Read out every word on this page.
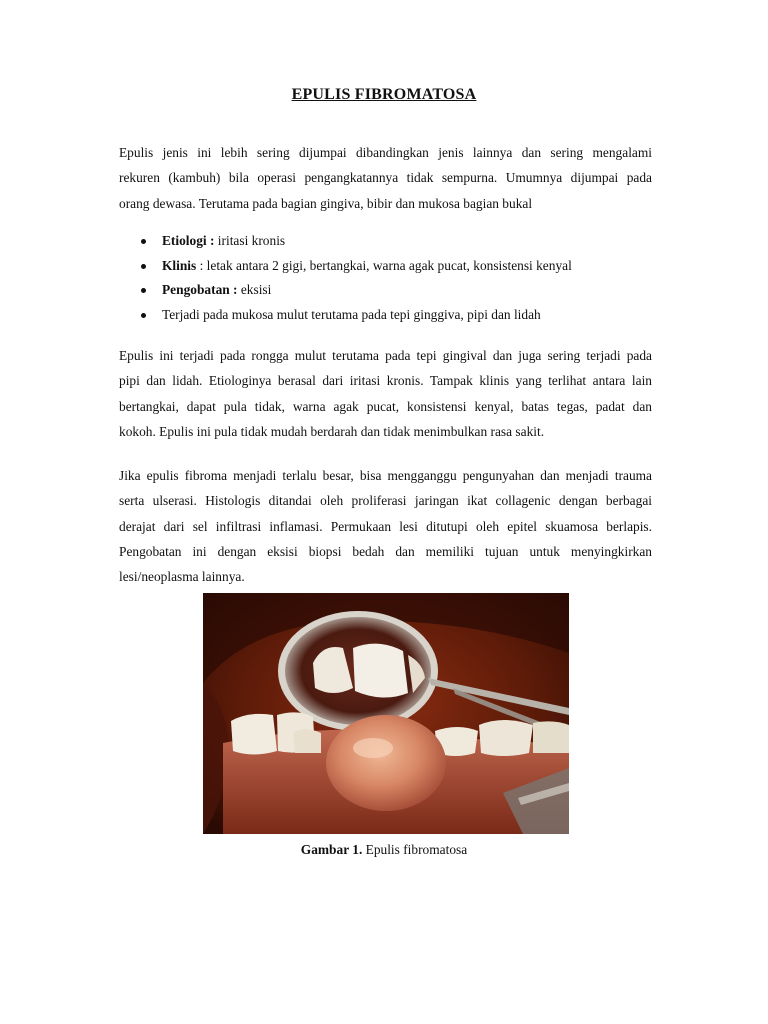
EPULIS FIBROMATOSA
Epulis jenis ini lebih sering dijumpai dibandingkan jenis lainnya dan sering mengalami
rekuren (kambuh) bila operasi pengangkatannya tidak sempurna. Umumnya dijumpai pada
orang dewasa. Terutama pada bagian gingiva, bibir dan mukosa bagian bukal
Etiologi : iritasi kronis
Klinis : letak antara 2 gigi, bertangkai, warna agak pucat, konsistensi kenyal
Pengobatan : eksisi
Terjadi pada mukosa mulut terutama pada tepi ginggiva, pipi dan lidah
Epulis ini terjadi pada rongga mulut terutama pada tepi gingival dan juga sering terjadi pada
pipi dan lidah. Etiologinya berasal dari iritasi kronis. Tampak klinis yang terlihat antara lain
bertangkai, dapat pula tidak, warna agak pucat, konsistensi kenyal, batas tegas, padat dan
kokoh. Epulis ini pula tidak mudah berdarah dan tidak menimbulkan rasa sakit.
Jika epulis fibroma menjadi terlalu besar, bisa mengganggu pengunyahan dan menjadi trauma
serta ulserasi. Histologis ditandai oleh proliferasi jaringan ikat collagenic dengan berbagai
derajat dari sel infiltrasi inflamasi. Permukaan lesi ditutupi oleh epitel skuamosa berlapis.
Pengobatan ini dengan eksisi biopsi bedah dan memiliki tujuan untuk menyingkirkan
lesi/neoplasma lainnya.
Gambar 1. Epulis fibromatosa
